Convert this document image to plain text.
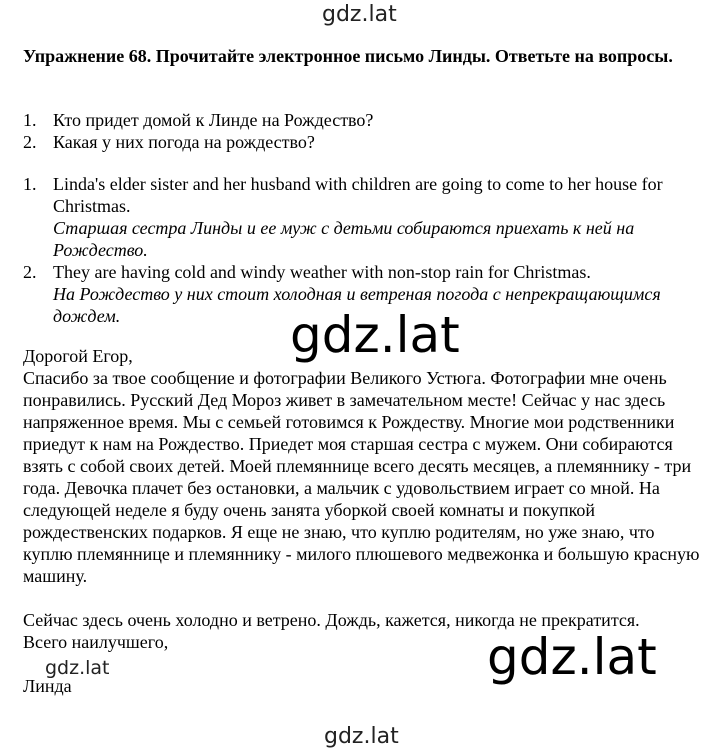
gdz.lat
Упражнение 68. Прочитайте электронное письмо Линды. Ответьте на вопросы.
1. Кто придет домой к Линде на Рождество?
2. Какая у них погода на рождество?
1. Linda's elder sister and her husband with children are going to come to her house for Christmas.
Старшая сестра Линды и ее муж с детьми собираются приехать к ней на Рождество.
2. They are having cold and windy weather with non-stop rain for Christmas.
На Рождество у них стоит холодная и ветреная погода с непрекращающимся дождем.	gdz.lat

Дорогой Егор,

Спасибо за твое сообщение и фотографии Великого Устюга. Фотографии мне очень понравились. Русский Дед Мороз живет в замечательном месте! Сейчас у нас здесь напряженное время. Мы с семьей готовимся к Рождеству. Многие мои родственники приедут к нам на Рождество. Приедет моя старшая сестра с мужем. Они собираются взять с собой своих детей. Моей племяннице всего десять месяцев, а племяннику - три года. Девочка плачет без остановки, а мальчик с удовольствием играет со мной. На следующей неделе я буду очень занята уборкой своей комнаты и покупкой рождественских подарков. Я еще не знаю, что куплю родителям, но уже знаю, что куплю племяннице и племяннику - милого плюшевого медвежонка и большую красную машину.

Сейчас здесь очень холодно и ветрено. Дождь, кажется, никогда не прекратится.

Всего наилучшего,

Линда

gdz.lat	gdz.lat
gdz.lat
